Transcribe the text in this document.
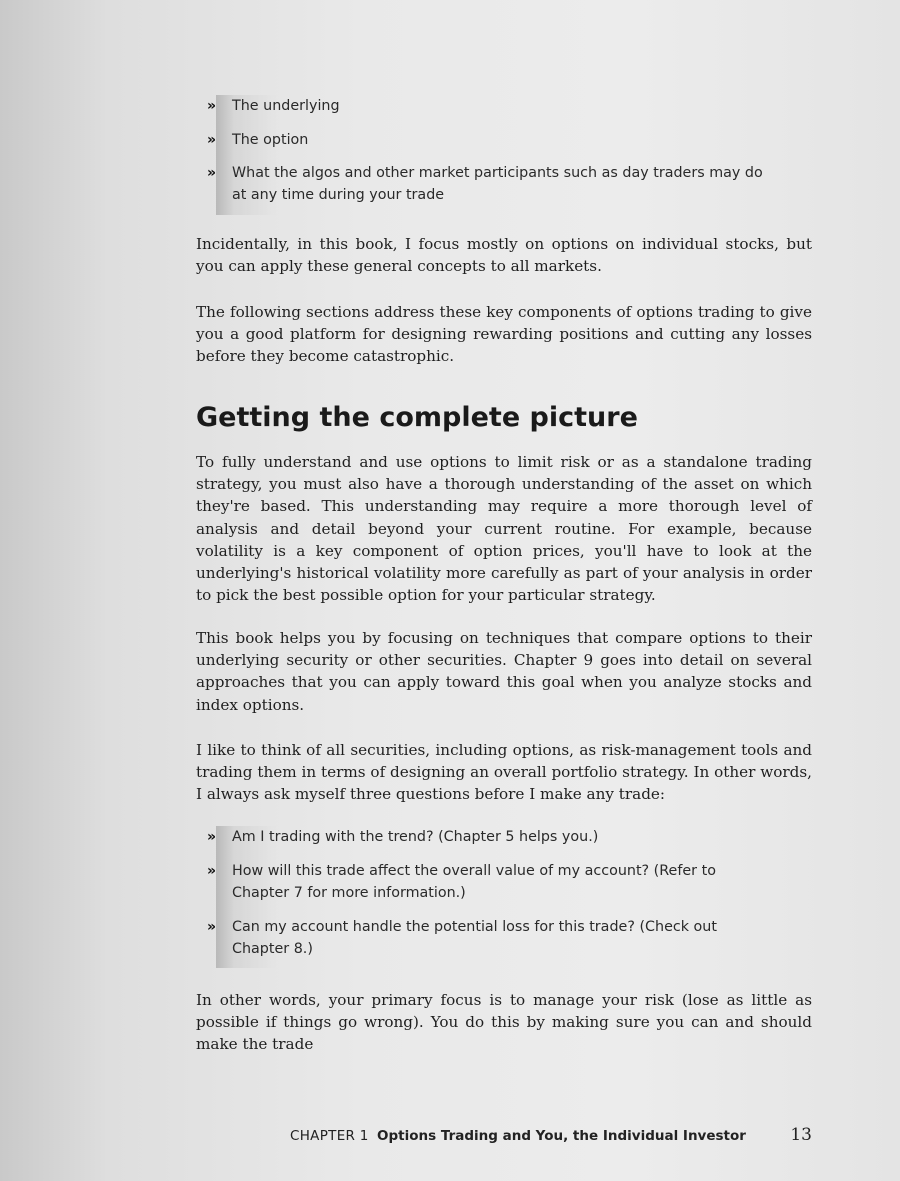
» The underlying
» The option
» What the algos and other market participants such as day traders may do at any time during your trade

Incidentally, in this book, I focus mostly on options on individual stocks, but you can apply these general concepts to all markets.

The following sections address these key components of options trading to give you a good platform for designing rewarding positions and cutting any losses before they become catastrophic.

Getting the complete picture

To fully understand and use options to limit risk or as a standalone trading strategy, you must also have a thorough understanding of the asset on which they're based. This understanding may require a more thorough level of analysis and detail beyond your current routine. For example, because volatility is a key component of option prices, you'll have to look at the underlying's historical volatility more carefully as part of your analysis in order to pick the best possible option for your particular strategy.

This book helps you by focusing on techniques that compare options to their underlying security or other securities. Chapter 9 goes into detail on several approaches that you can apply toward this goal when you analyze stocks and index options.

I like to think of all securities, including options, as risk-management tools and trading them in terms of designing an overall portfolio strategy. In other words, I always ask myself three questions before I make any trade:

» Am I trading with the trend? (Chapter 5 helps you.)
» How will this trade affect the overall value of my account? (Refer to Chapter 7 for more information.)
» Can my account handle the potential loss for this trade? (Check out Chapter 8.)

In other words, your primary focus is to manage your risk (lose as little as possible if things go wrong). You do this by making sure you can and should make the trade

CHAPTER 1 Options Trading and You, the Individual Investor	13
